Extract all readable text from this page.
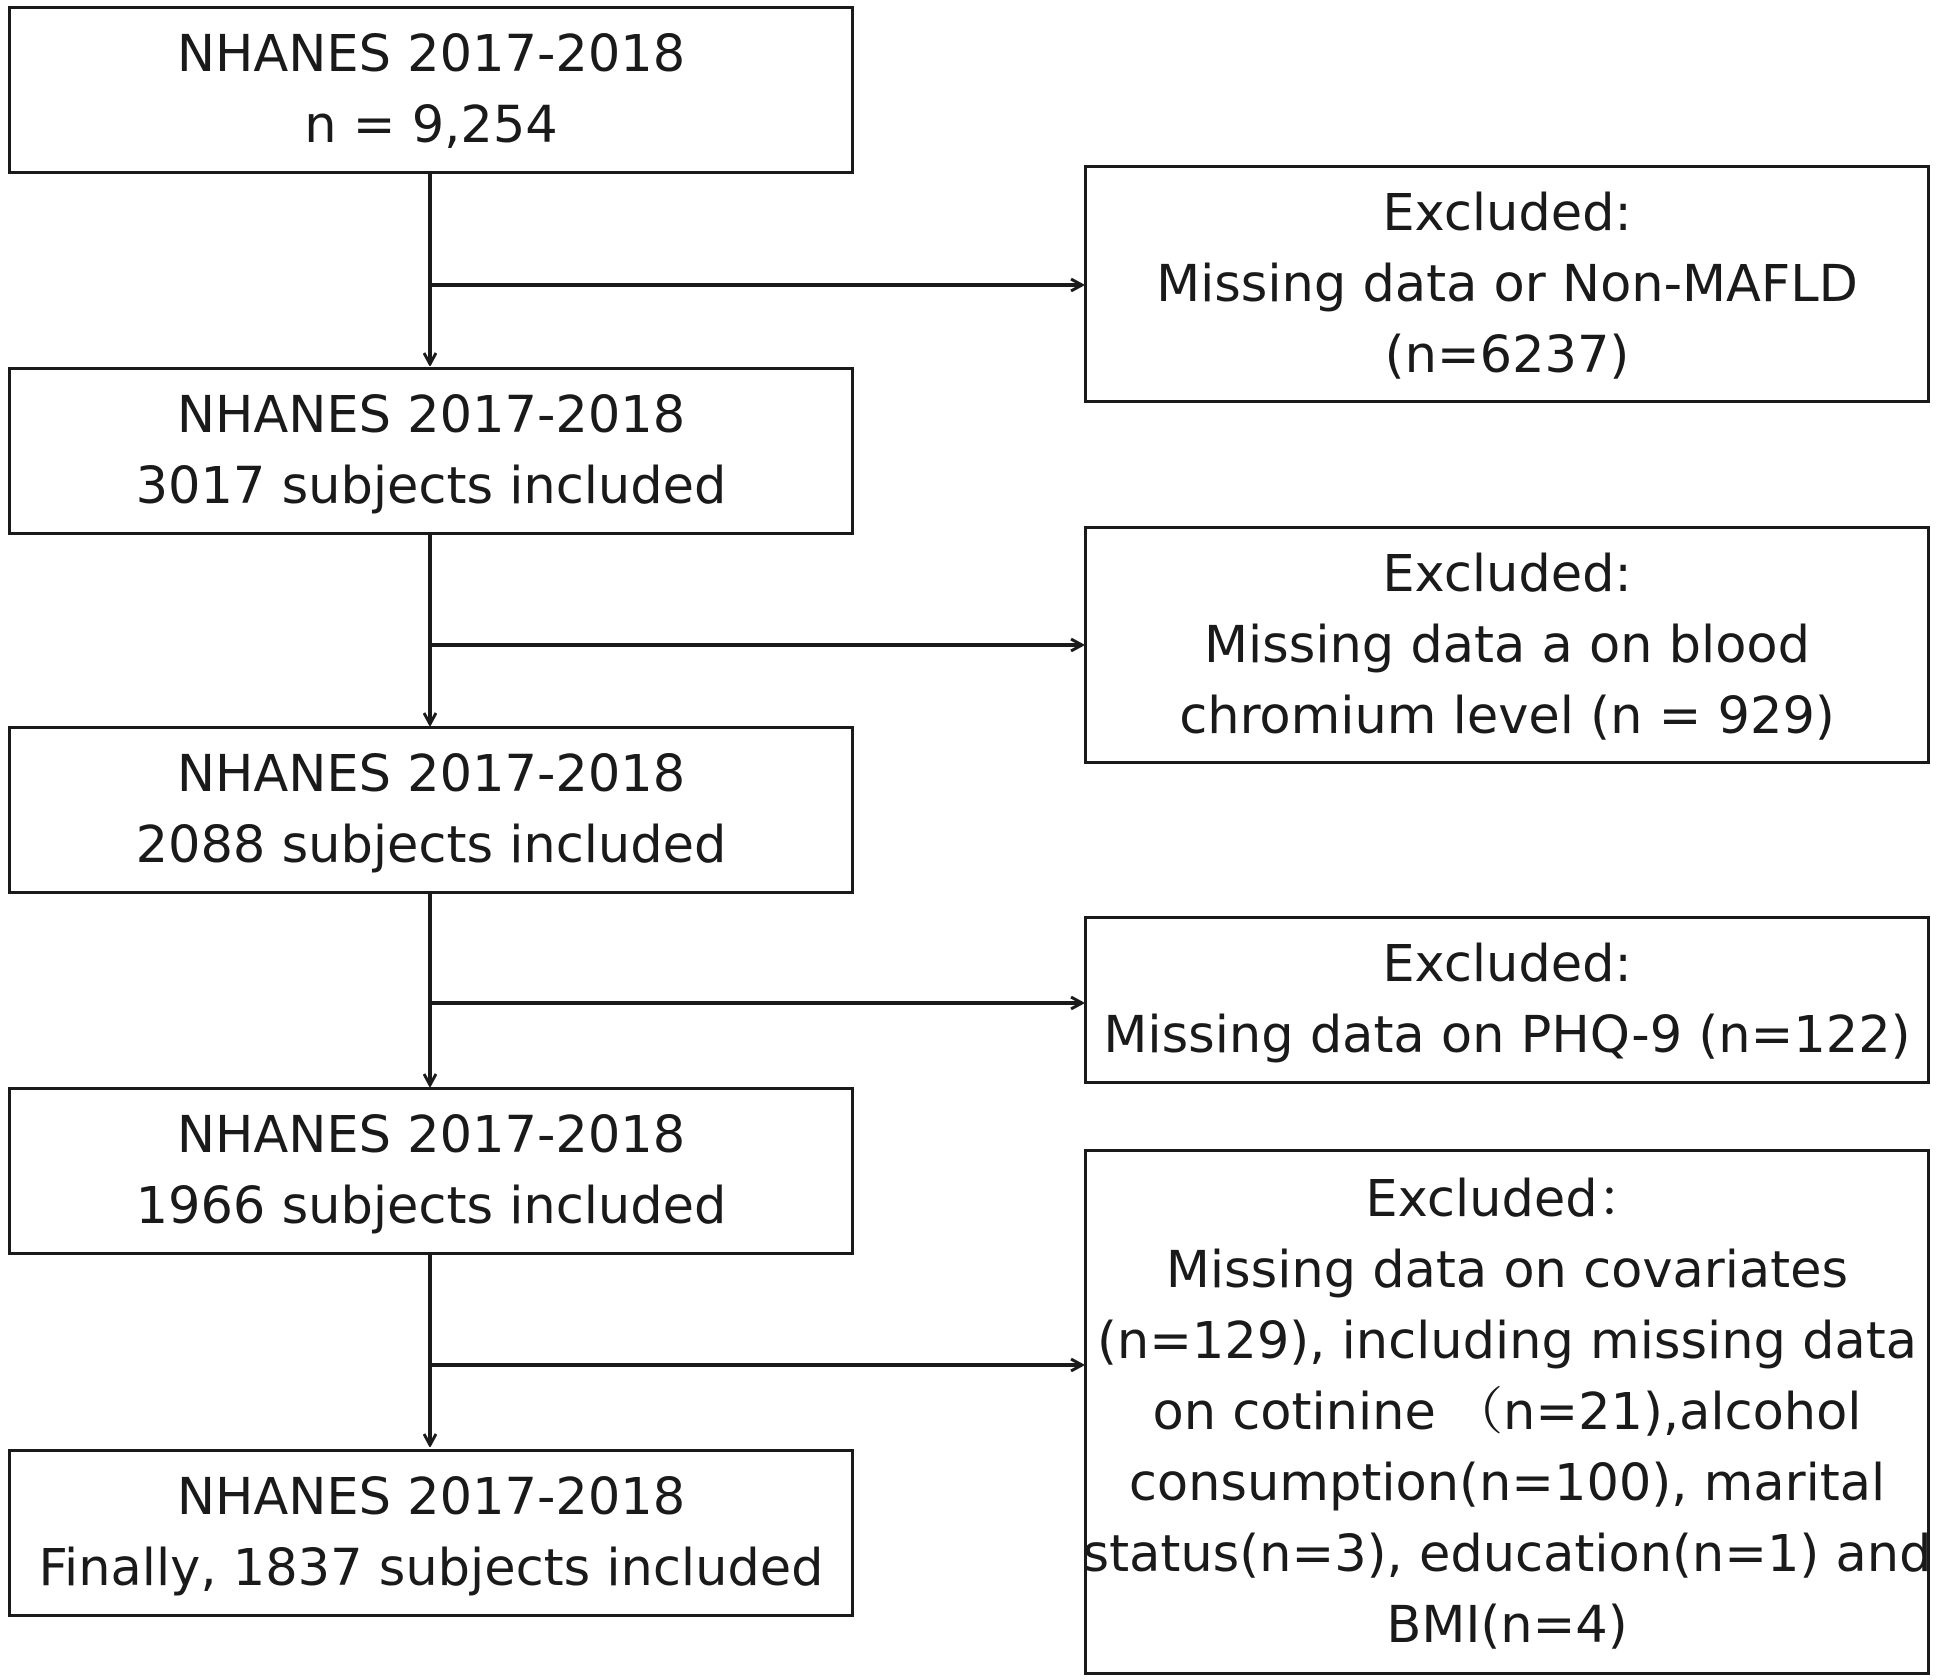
NHANES 2017-2018
n = 9,254
NHANES 2017-2018
3017 subjects included
NHANES 2017-2018
2088 subjects included
NHANES 2017-2018
1966 subjects included
NHANES 2017-2018
Finally, 1837 subjects included
Excluded:
Missing data or Non-MAFLD
(n=6237)
Excluded:
Missing data a on blood
chromium level (n = 929)
Excluded:
Missing data on PHQ-9 (n=122)
Excluded：
Missing data on covariates
(n=129), including missing data
on cotinine （n=21),alcohol
consumption(n=100), marital
status(n=3), education(n=1) and
BMI(n=4)
